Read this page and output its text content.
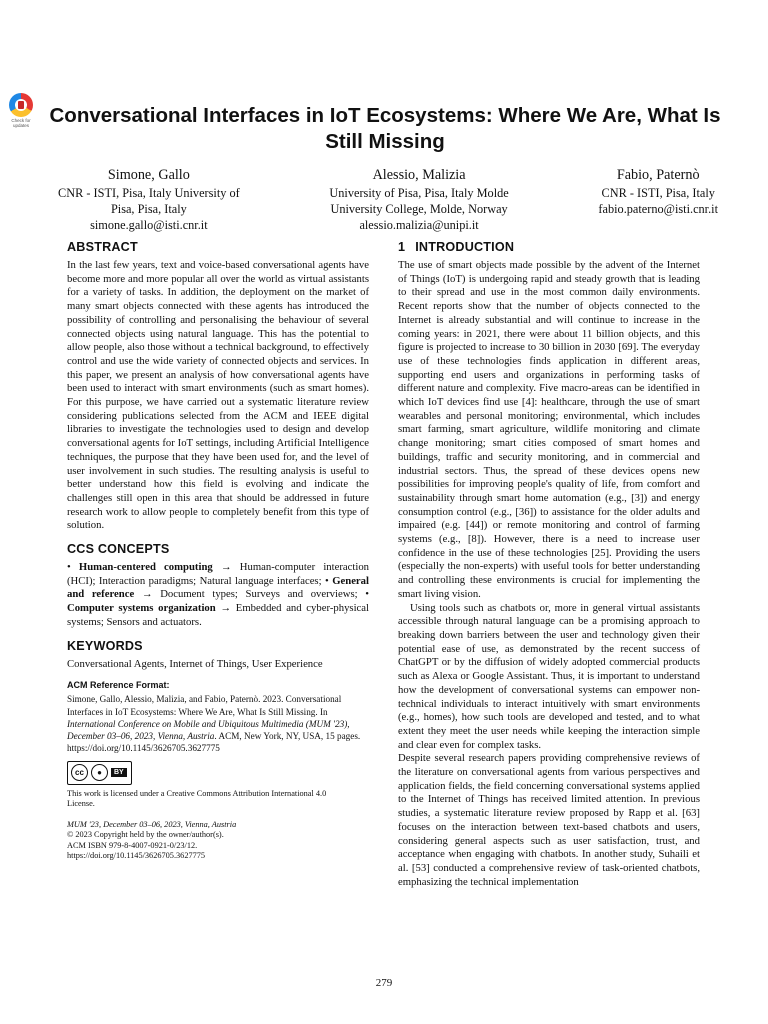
Check for updates	Conversational Interfaces in IoT Ecosystems: Where We Are, What Is Still Missing
Simone, Gallo
CNR - ISTI, Pisa, Italy University of
Pisa, Pisa, Italy
simone.gallo@isti.cnr.it
Alessio, Malizia
University of Pisa, Pisa, Italy Molde
University College, Molde, Norway
alessio.malizia@unipi.it
Fabio, Paternò
CNR - ISTI, Pisa, Italy
fabio.paterno@isti.cnr.it
ABSTRACT

In the last few years, text and voice-based conversational agents have become more and more popular all over the world as virtual assistants for a variety of tasks. In addition, the deployment on the market of many smart objects connected with these agents has introduced the possibility of controlling and personalising the behaviour of several connected objects using natural language. This has the potential to allow people, also those without a technical background, to effectively control and use the wide variety of connected objects and services. In this paper, we present an analysis of how conversational agents have been used to interact with smart environments (such as smart homes). For this purpose, we have carried out a systematic literature review considering publications selected from the ACM and IEEE digital libraries to investigate the technologies used to design and develop conversational agents for IoT settings, including Artificial Intelligence techniques, the purpose that they have been used for, and the level of user involvement in such studies. The resulting analysis is useful to better understand how this field is evolving and indicate the challenges still open in this area that should be addressed in future research work to allow people to completely benefit from this type of solution.

CCS CONCEPTS
• Human-centered computing → Human-computer interaction (HCI); Interaction paradigms; Natural language interfaces; • General and reference → Document types; Surveys and overviews; • Computer systems organization → Embedded and cyber-physical systems; Sensors and actuators.
KEYWORDS
Conversational Agents, Internet of Things, User Experience
ACM Reference Format:
Simone, Gallo, Alessio, Malizia, and Fabio, Paternò. 2023. Conversational Interfaces in IoT Ecosystems: Where We Are, What Is Still Missing. In International Conference on Mobile and Ubiquitous Multimedia (MUM '23), December 03–06, 2023, Vienna, Austria. ACM, New York, NY, USA, 15 pages. https://doi.org/10.1145/3626705.3627775
cc	●	BY
This work is licensed under a Creative Commons Attribution International 4.0 License.
MUM '23, December 03–06, 2023, Vienna, Austria
© 2023 Copyright held by the owner/author(s).
ACM ISBN 979-8-4007-0921-0/23/12.
https://doi.org/10.1145/3626705.3627775
1 INTRODUCTION

The use of smart objects made possible by the advent of the Internet of Things (IoT) is undergoing rapid and steady growth that is leading to their spread and use in the most common daily environments. Recent reports show that the number of objects connected to the Internet is already substantial and will continue to increase in the coming years: in 2021, there were about 11 billion objects, and this figure is projected to increase to 30 billion in 2030 [69]. The everyday use of these technologies finds application in different areas, supporting end users and organizations in performing tasks of different nature and complexity. Five macro-areas can be identified in which IoT devices find use [4]: healthcare, through the use of smart wearables and personal monitoring; environmental, which includes smart farming, smart agriculture, wildlife monitoring and climate change monitoring; smart cities composed of smart homes and buildings, traffic and security monitoring, and in commercial and industrial sectors. Thus, the spread of these devices opens new possibilities for improving people's quality of life, from comfort and sustainability through smart home automation (e.g., [3]) and energy consumption control (e.g., [36]) to assistance for the older adults and impaired (e.g. [44]) or remote monitoring and control of farming systems (e.g., [8]). However, there is a need to increase user confidence in the use of these technologies [25]. Providing the users (especially the non-experts) with useful tools for better understanding and controlling these environments is crucial for implementing the smart living vision.

Using tools such as chatbots or, more in general virtual assistants accessible through natural language can be a promising approach to breaking down barriers between the user and technology given their potential ease of use, as demonstrated by the recent success of ChatGPT or by the diffusion of widely adopted commercial products such as Alexa or Google Assistant. Thus, it is important to understand how the development of conversational systems can empower non-technical individuals to interact intuitively with smart environments (e.g., homes), how such tools are developed and tested, and to what extent they meet the user needs while keeping the interaction simple and clear even for complex tasks.

Despite several research papers providing comprehensive reviews of the literature on conversational agents from various perspectives and application fields, the field concerning conversational systems applied to the Internet of Things has received limited attention. In previous studies, a systematic literature review proposed by Rapp et al. [63] focuses on the interaction between text-based chatbots and users, considering general aspects such as user satisfaction, trust, and acceptance when engaging with chatbots. In another study, Suhaili et al. [53] conducted a comprehensive review of task-oriented chatbots, emphasizing the technical implementation

279
